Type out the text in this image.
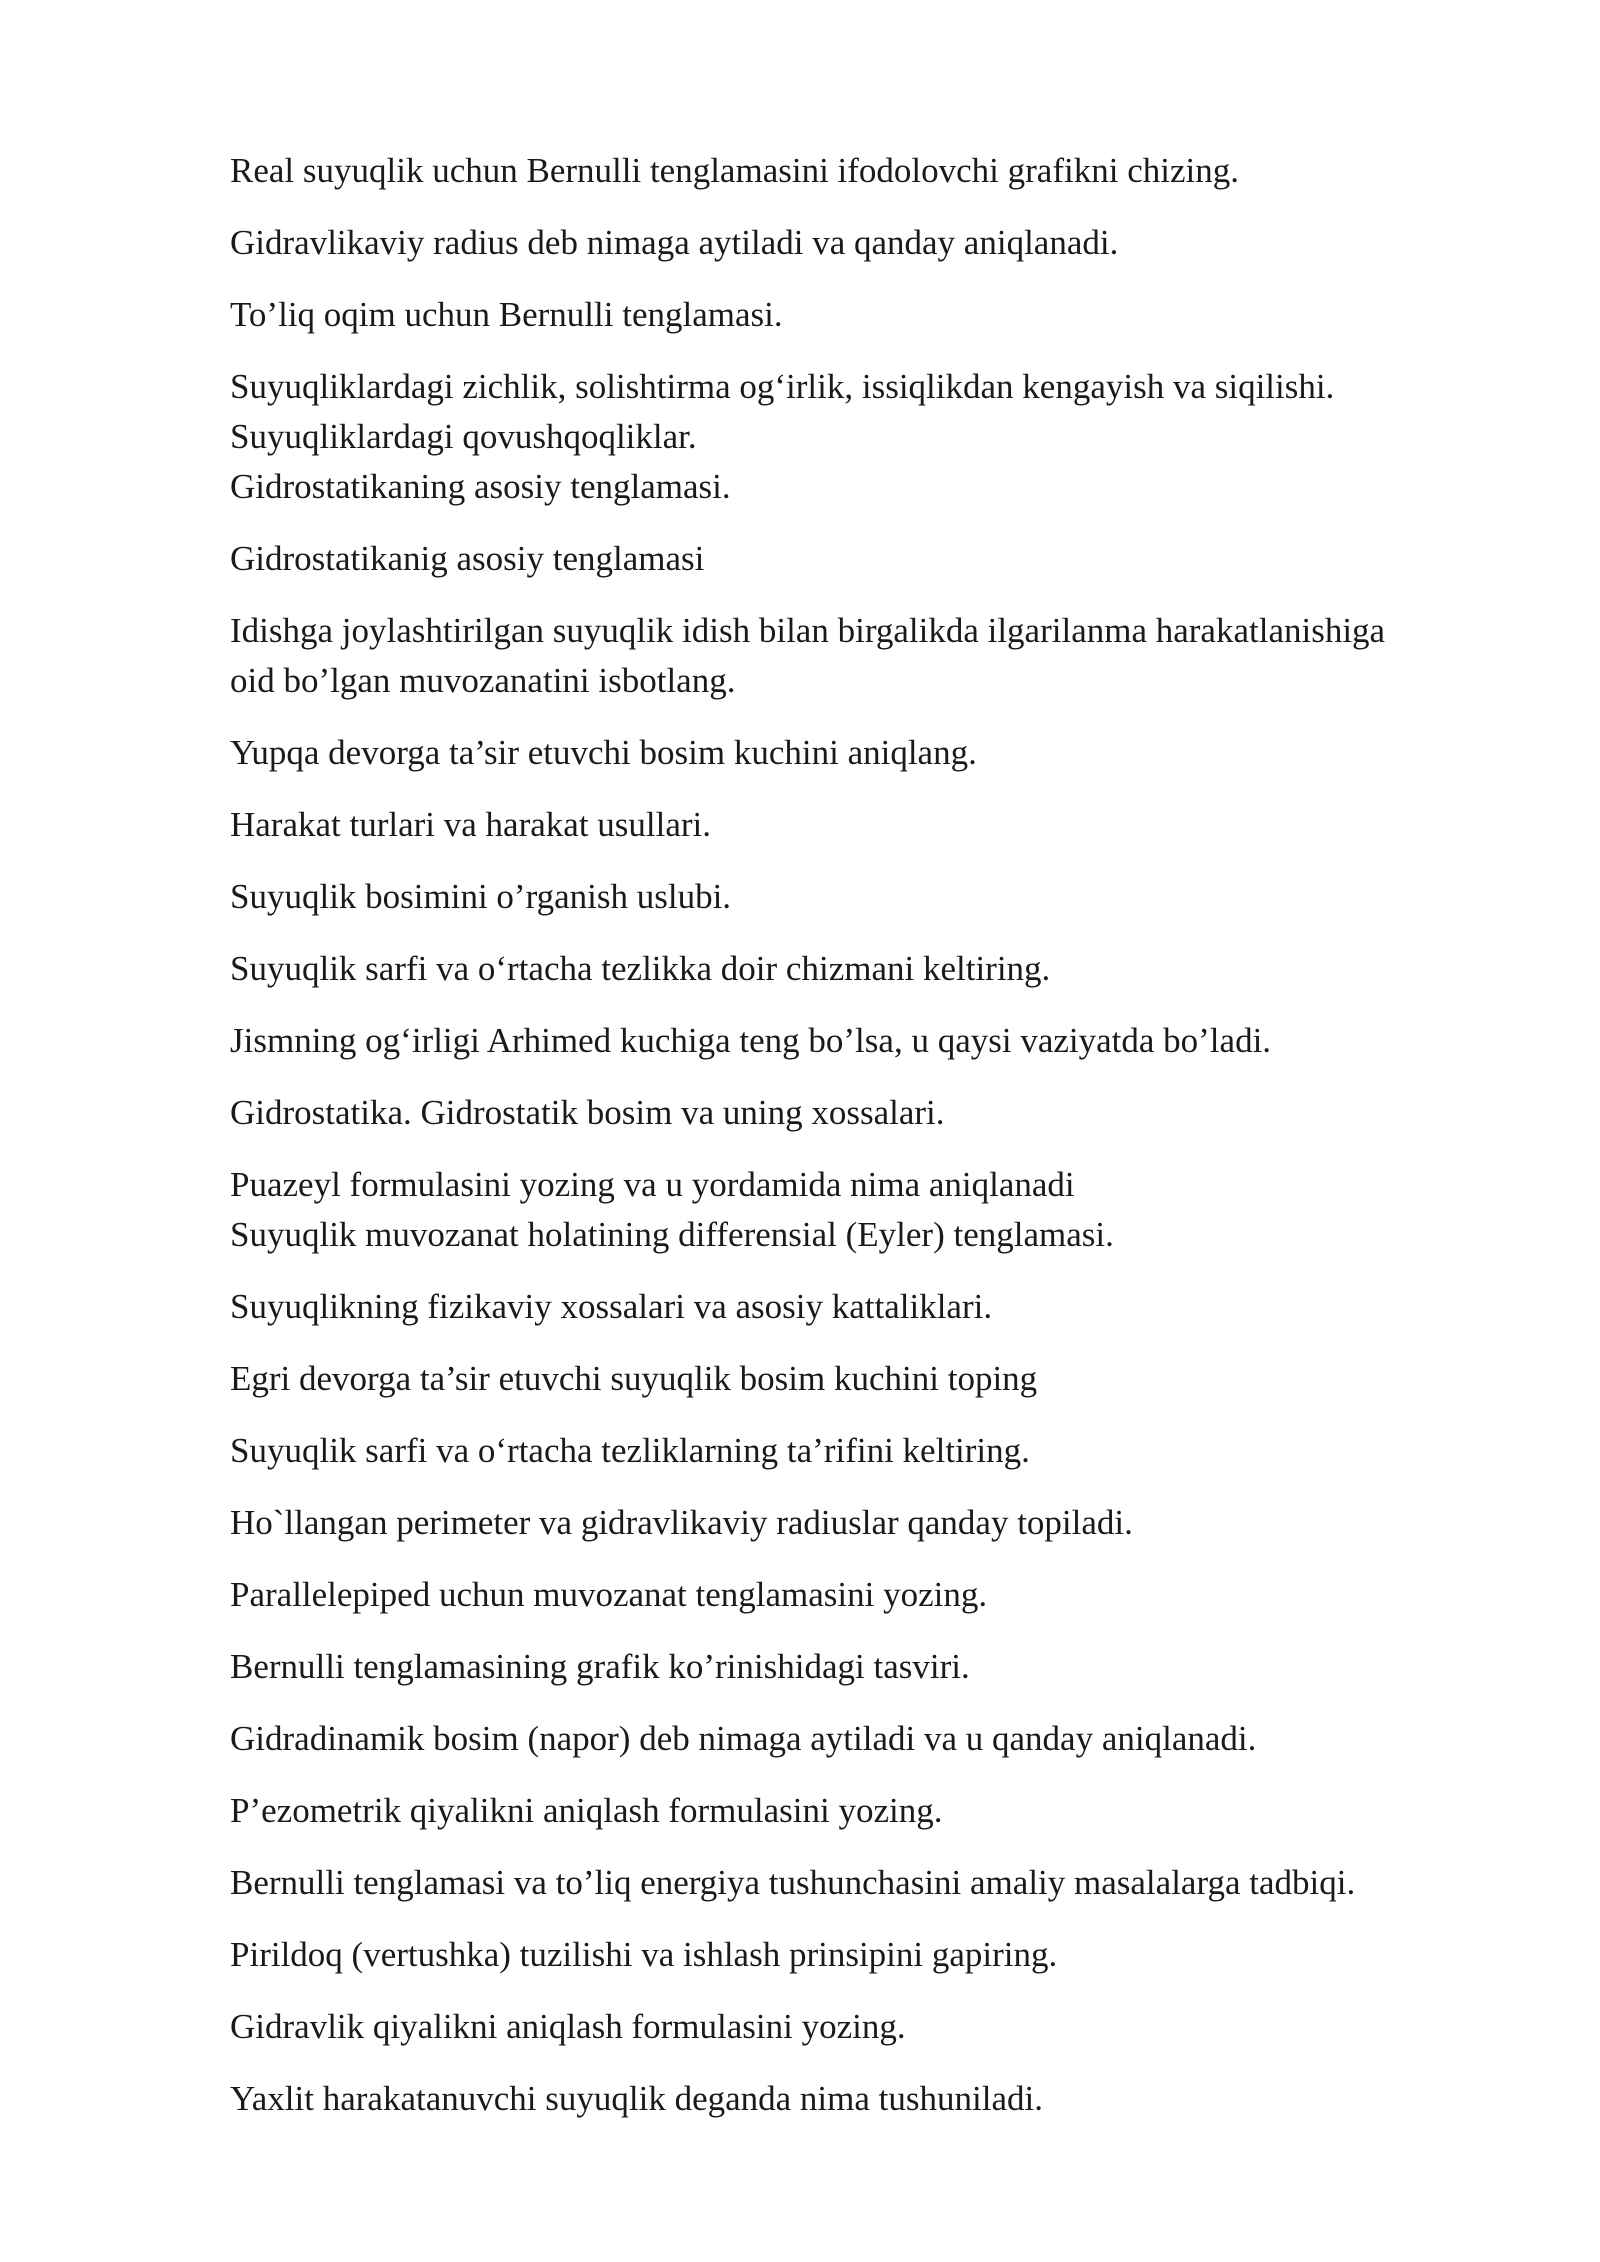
Real suyuqlik uchun Bernulli tenglamasini ifodolovchi grafikni chizing.
Gidravlikaviy radius deb nimaga aytiladi va qanday aniqlanadi.
To’liq oqim uchun Bernulli tenglamasi.
Suyuqliklardagi zichlik, solishtirma og‘irlik, issiqlikdan kengayish va siqilishi.
Suyuqliklardagi qovushqoqliklar.
Gidrostatikaning asosiy tenglamasi.
Gidrostatikanig asosiy tenglamasi
Idishga joylashtirilgan suyuqlik idish bilan birgalikda ilgarilanma harakatlanishiga
oid bo’lgan muvozanatini isbotlang.
Yupqa devorga ta’sir etuvchi bosim kuchini aniqlang.
Harakat turlari va harakat usullari.
Suyuqlik bosimini o’rganish uslubi.
Suyuqlik sarfi va o‘rtacha tezlikka doir chizmani keltiring.
Jismning og‘irligi Arhimed kuchiga teng bo’lsa, u qaysi vaziyatda bo’ladi.
Gidrostatika. Gidrostatik bosim va uning xossalari.
Puazeyl formulasini yozing va u yordamida nima aniqlanadi
Suyuqlik muvozanat holatining differensial (Eyler) tenglamasi.
Suyuqlikning fizikaviy xossalari va asosiy kattaliklari.
Egri devorga ta’sir etuvchi suyuqlik bosim kuchini toping
Suyuqlik sarfi va o‘rtacha tezliklarning ta’rifini keltiring.
Ho`llangan perimeter va gidravlikaviy radiuslar qanday topiladi.
Parallelepiped uchun muvozanat tenglamasini yozing.
Bernulli tenglamasining grafik ko’rinishidagi tasviri.
Gidradinamik bosim (napor) deb nimaga aytiladi va u qanday aniqlanadi.
P’ezometrik qiyalikni aniqlash formulasini yozing.
Bernulli tenglamasi va to’liq energiya tushunchasini amaliy masalalarga tadbiqi.
Pirildoq (vertushka) tuzilishi va ishlash prinsipini gapiring.
Gidravlik qiyalikni aniqlash formulasini yozing.
Yaxlit harakatanuvchi suyuqlik deganda nima tushuniladi.
